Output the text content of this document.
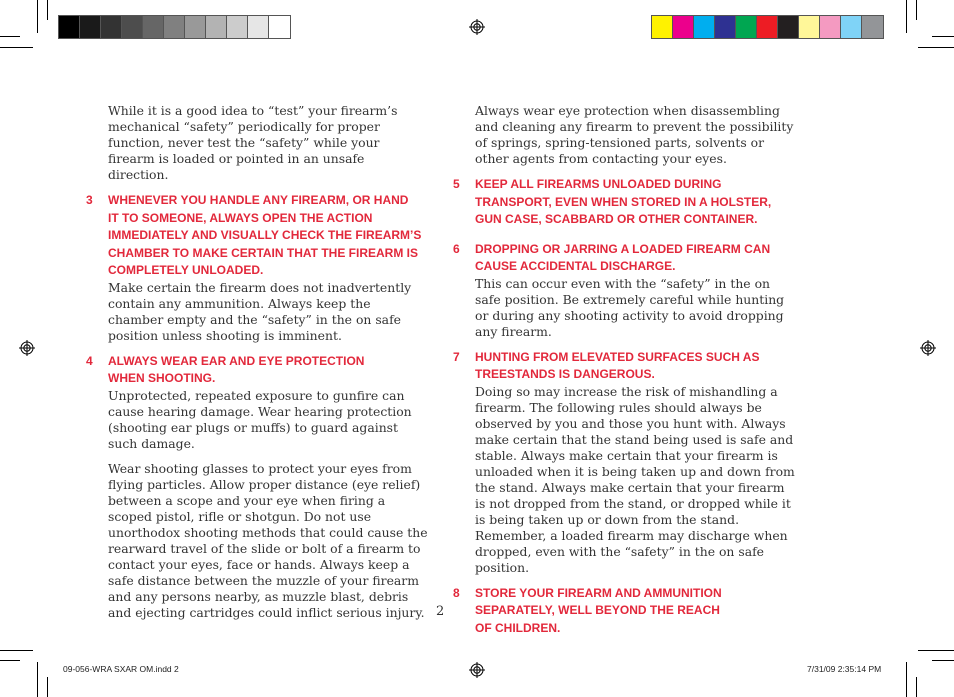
While it is a good idea to “test” your firearm’s mechanical “safety” periodically for proper function, never test the “safety” while your firearm is loaded or pointed in an unsafe direction.

3 WHENEVER YOU HANDLE ANY FIREARM, OR HAND
IT TO SOMEONE, ALWAYS OPEN THE ACTION
IMMEDIATELY AND VISUALLY CHECK THE FIREARM’S
CHAMBER TO MAKE CERTAIN THAT THE FIREARM IS
COMPLETELY UNLOADED.

Make certain the firearm does not inadvertently contain any ammunition. Always keep the chamber empty and the “safety” in the on safe position unless shooting is imminent.

4 ALWAYS WEAR EAR AND EYE PROTECTION
WHEN SHOOTING.

Unprotected, repeated exposure to gunfire can cause hearing damage. Wear hearing protection (shooting ear plugs or muffs) to guard against such damage.

Wear shooting glasses to protect your eyes from flying particles. Allow proper distance (eye relief) between a scope and your eye when firing a scoped pistol, rifle or shotgun. Do not use unorthodox shooting methods that could cause the rearward travel of the slide or bolt of a firearm to contact your eyes, face or hands. Always keep a safe distance between the muzzle of your firearm and any persons nearby, as muzzle blast, debris and ejecting cartridges could inflict serious injury.

Always wear eye protection when disassembling and cleaning any firearm to prevent the possibility of springs, spring-tensioned parts, solvents or other agents from contacting your eyes.

5 KEEP ALL FIREARMS UNLOADED DURING
TRANSPORT, EVEN WHEN STORED IN A HOLSTER,
GUN CASE, SCABBARD OR OTHER CONTAINER.

6 DROPPING OR JARRING A LOADED FIREARM CAN
CAUSE ACCIDENTAL DISCHARGE.

This can occur even with the “safety” in the on safe position. Be extremely careful while hunting or during any shooting activity to avoid dropping any firearm.

7 HUNTING FROM ELEVATED SURFACES SUCH AS
TREESTANDS IS DANGEROUS.

Doing so may increase the risk of mishandling a firearm. The following rules should always be observed by you and those you hunt with. Always make certain that the stand being used is safe and stable. Always make certain that your firearm is unloaded when it is being taken up and down from the stand. Always make certain that your firearm is not dropped from the stand, or dropped while it is being taken up or down from the stand. Remember, a loaded firearm may discharge when dropped, even with the “safety” in the on safe position.

8 STORE YOUR FIREARM AND AMMUNITION
SEPARATELY, WELL BEYOND THE REACH
OF CHILDREN.

2
09-056-WRA SXAR OM.indd 2	7/31/09 2:35:14 PM
